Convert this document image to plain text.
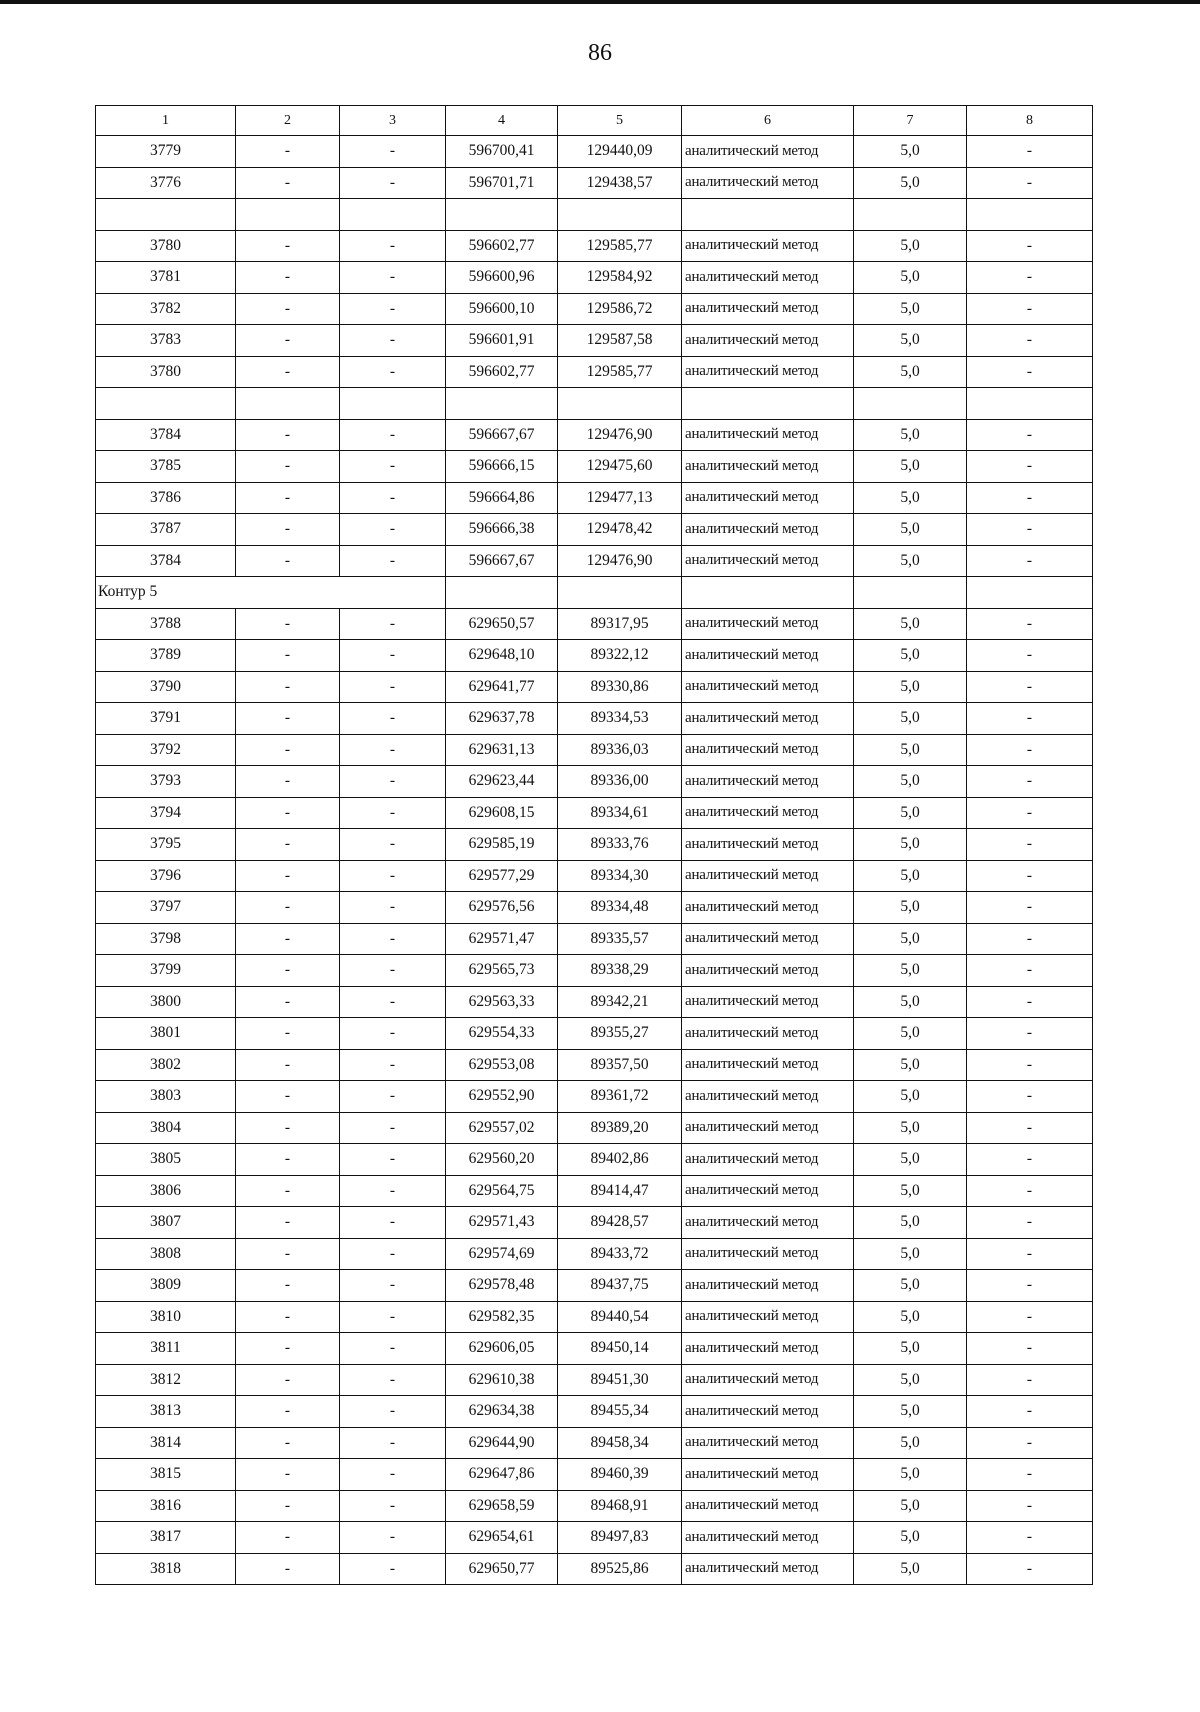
86
1	2	3	4	5	6	7	8
3779	-	-	596700,41	129440,09	аналитический метод	5,0	-
3776	-	-	596701,71	129438,57	аналитический метод	5,0	-

3780	-	-	596602,77	129585,77	аналитический метод	5,0	-
3781	-	-	596600,96	129584,92	аналитический метод	5,0	-
3782	-	-	596600,10	129586,72	аналитический метод	5,0	-
3783	-	-	596601,91	129587,58	аналитический метод	5,0	-
3780	-	-	596602,77	129585,77	аналитический метод	5,0	-

3784	-	-	596667,67	129476,90	аналитический метод	5,0	-
3785	-	-	596666,15	129475,60	аналитический метод	5,0	-
3786	-	-	596664,86	129477,13	аналитический метод	5,0	-
3787	-	-	596666,38	129478,42	аналитический метод	5,0	-
3784	-	-	596667,67	129476,90	аналитический метод	5,0	-
Контур 5							
3788	-	-	629650,57	89317,95	аналитический метод	5,0	-
3789	-	-	629648,10	89322,12	аналитический метод	5,0	-
3790	-	-	629641,77	89330,86	аналитический метод	5,0	-
3791	-	-	629637,78	89334,53	аналитический метод	5,0	-
3792	-	-	629631,13	89336,03	аналитический метод	5,0	-
3793	-	-	629623,44	89336,00	аналитический метод	5,0	-
3794	-	-	629608,15	89334,61	аналитический метод	5,0	-
3795	-	-	629585,19	89333,76	аналитический метод	5,0	-
3796	-	-	629577,29	89334,30	аналитический метод	5,0	-
3797	-	-	629576,56	89334,48	аналитический метод	5,0	-
3798	-	-	629571,47	89335,57	аналитический метод	5,0	-
3799	-	-	629565,73	89338,29	аналитический метод	5,0	-
3800	-	-	629563,33	89342,21	аналитический метод	5,0	-
3801	-	-	629554,33	89355,27	аналитический метод	5,0	-
3802	-	-	629553,08	89357,50	аналитический метод	5,0	-
3803	-	-	629552,90	89361,72	аналитический метод	5,0	-
3804	-	-	629557,02	89389,20	аналитический метод	5,0	-
3805	-	-	629560,20	89402,86	аналитический метод	5,0	-
3806	-	-	629564,75	89414,47	аналитический метод	5,0	-
3807	-	-	629571,43	89428,57	аналитический метод	5,0	-
3808	-	-	629574,69	89433,72	аналитический метод	5,0	-
3809	-	-	629578,48	89437,75	аналитический метод	5,0	-
3810	-	-	629582,35	89440,54	аналитический метод	5,0	-
3811	-	-	629606,05	89450,14	аналитический метод	5,0	-
3812	-	-	629610,38	89451,30	аналитический метод	5,0	-
3813	-	-	629634,38	89455,34	аналитический метод	5,0	-
3814	-	-	629644,90	89458,34	аналитический метод	5,0	-
3815	-	-	629647,86	89460,39	аналитический метод	5,0	-
3816	-	-	629658,59	89468,91	аналитический метод	5,0	-
3817	-	-	629654,61	89497,83	аналитический метод	5,0	-
3818	-	-	629650,77	89525,86	аналитический метод	5,0	-
